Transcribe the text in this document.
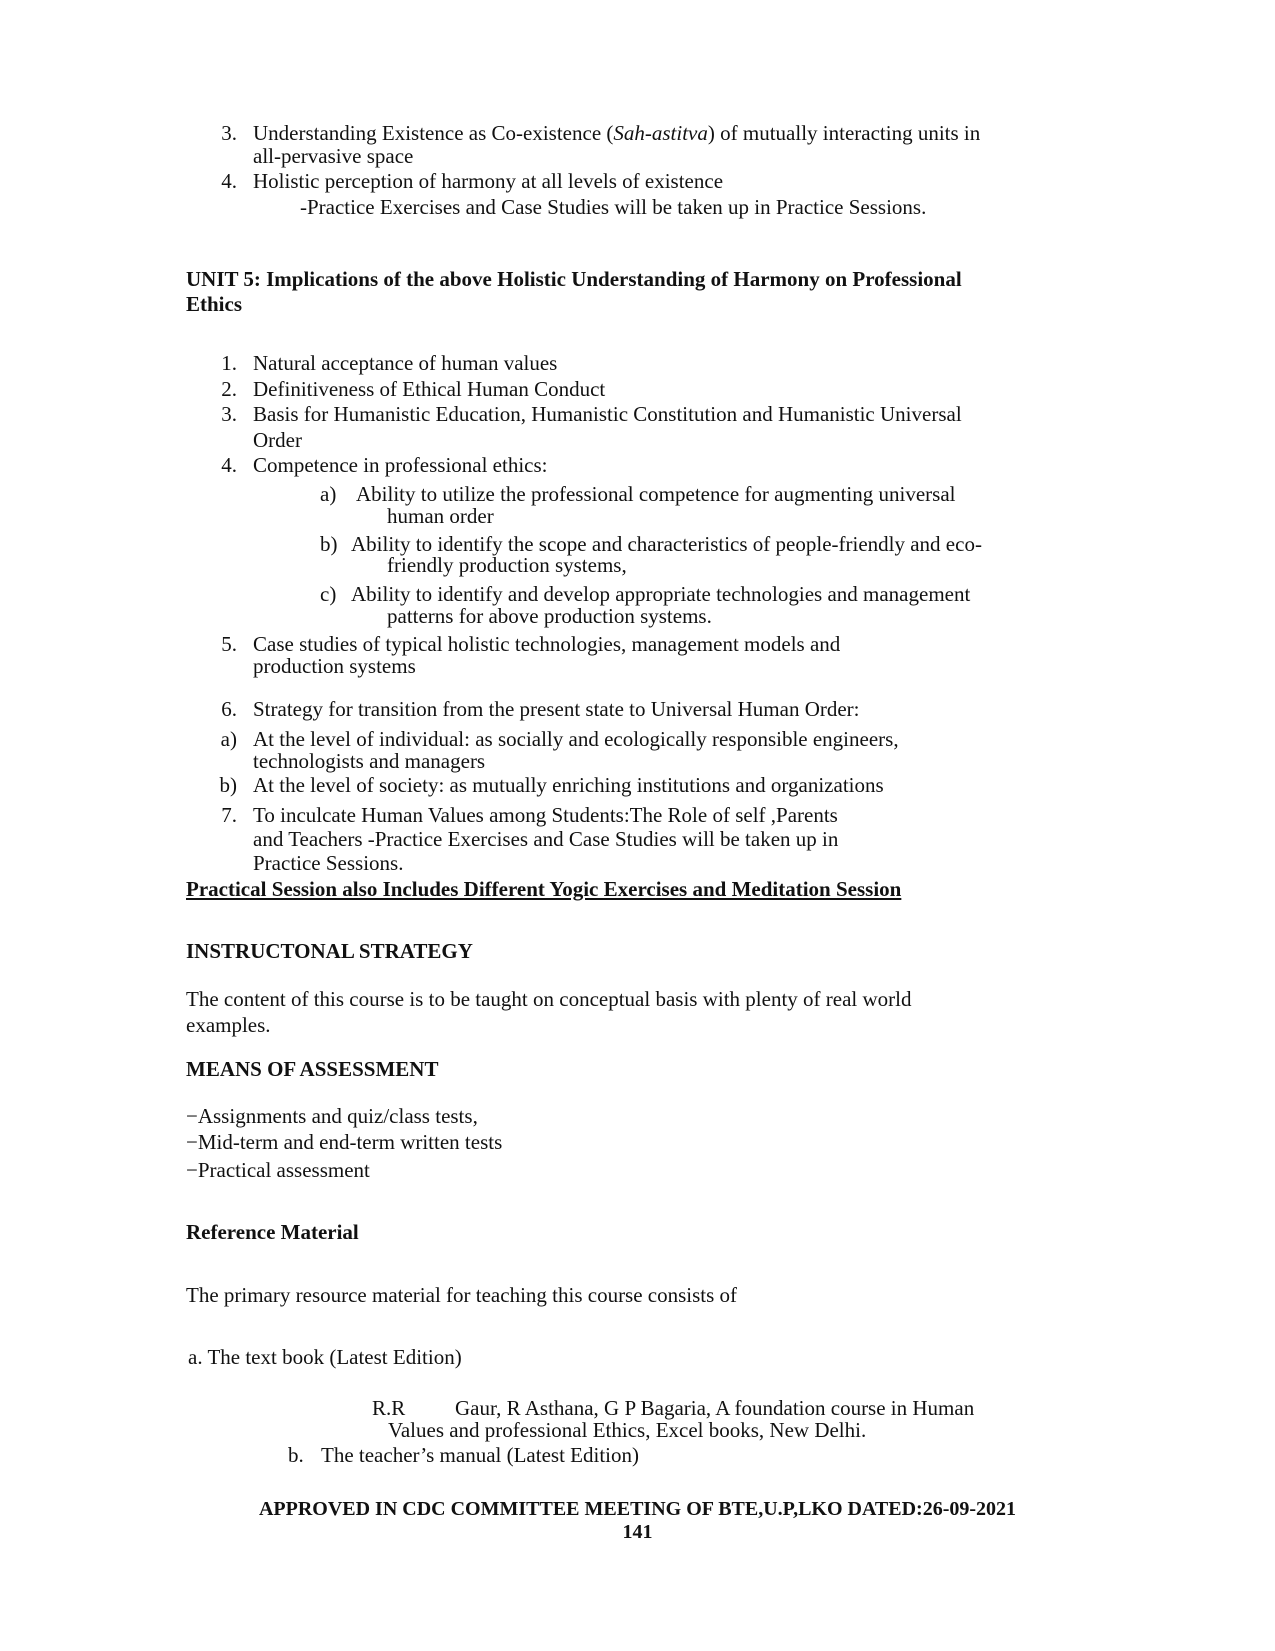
3. Understanding Existence as Co-existence (Sah-astitva) of mutually interacting units in
all-pervasive space
4. Holistic perception of harmony at all levels of existence
-Practice Exercises and Case Studies will be taken up in Practice Sessions.
UNIT 5: Implications of the above Holistic Understanding of Harmony on Professional
Ethics
1. Natural acceptance of human values
2. Definitiveness of Ethical Human Conduct
3. Basis for Humanistic Education, Humanistic Constitution and Humanistic Universal
Order
4. Competence in professional ethics:
a) Ability to utilize the professional competence for augmenting universal
human order
b) Ability to identify the scope and characteristics of people-friendly and eco-
friendly production systems,
c) Ability to identify and develop appropriate technologies and management
patterns for above production systems.
5. Case studies of typical holistic technologies, management models and
production systems
6. Strategy for transition from the present state to Universal Human Order:
a) At the level of individual: as socially and ecologically responsible engineers,
technologists and managers
b) At the level of society: as mutually enriching institutions and organizations
7. To inculcate Human Values among Students:The Role of self ,Parents
and Teachers -Practice Exercises and Case Studies will be taken up in
Practice Sessions.
Practical Session also Includes Different Yogic Exercises and Meditation Session
INSTRUCTONAL STRATEGY
The content of this course is to be taught on conceptual basis with plenty of real world
examples.
MEANS OF ASSESSMENT
−Assignments and quiz/class tests,
−Mid-term and end-term written tests
−Practical assessment
Reference Material
The primary resource material for teaching this course consists of
a. The text book (Latest Edition)
R.R Gaur, R Asthana, G P Bagaria, A foundation course in Human
Values and professional Ethics, Excel books, New Delhi.
b. The teacher’s manual (Latest Edition)
APPROVED IN CDC COMMITTEE MEETING OF BTE,U.P,LKO DATED:26-09-2021
141
